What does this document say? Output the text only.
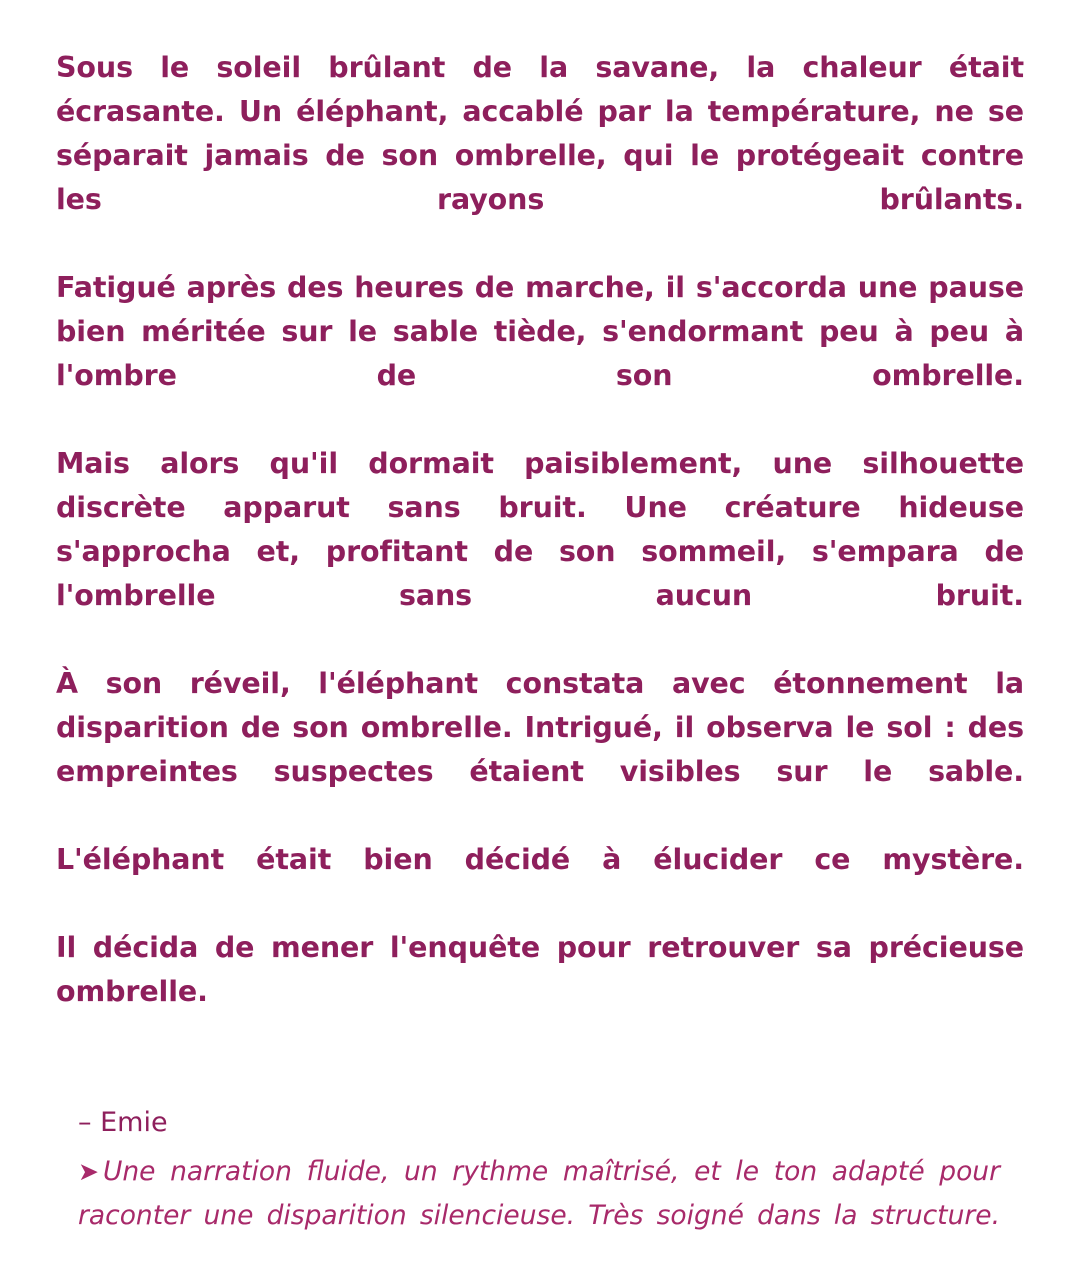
Sous le soleil brûlant de la savane, la chaleur était écrasante. Un éléphant, accablé par la température, ne se séparait jamais de son ombrelle, qui le protégeait contre les rayons brûlants.

Fatigué après des heures de marche, il s'accorda une pause bien méritée sur le sable tiède, s'endormant peu à peu à l'ombre de son ombrelle.

Mais alors qu'il dormait paisiblement, une silhouette discrète apparut sans bruit. Une créature hideuse s'approcha et, profitant de son sommeil, s'empara de l'ombrelle sans aucun bruit.

À son réveil, l'éléphant constata avec étonnement la disparition de son ombrelle. Intrigué, il observa le sol : des empreintes suspectes étaient visibles sur le sable.

L'éléphant était bien décidé à élucider ce mystère.

Il décida de mener l'enquête pour retrouver sa précieuse ombrelle.

– Emie

➤ Une narration fluide, un rythme maîtrisé, et le ton adapté pour raconter une disparition silencieuse. Très soigné dans la structure.
